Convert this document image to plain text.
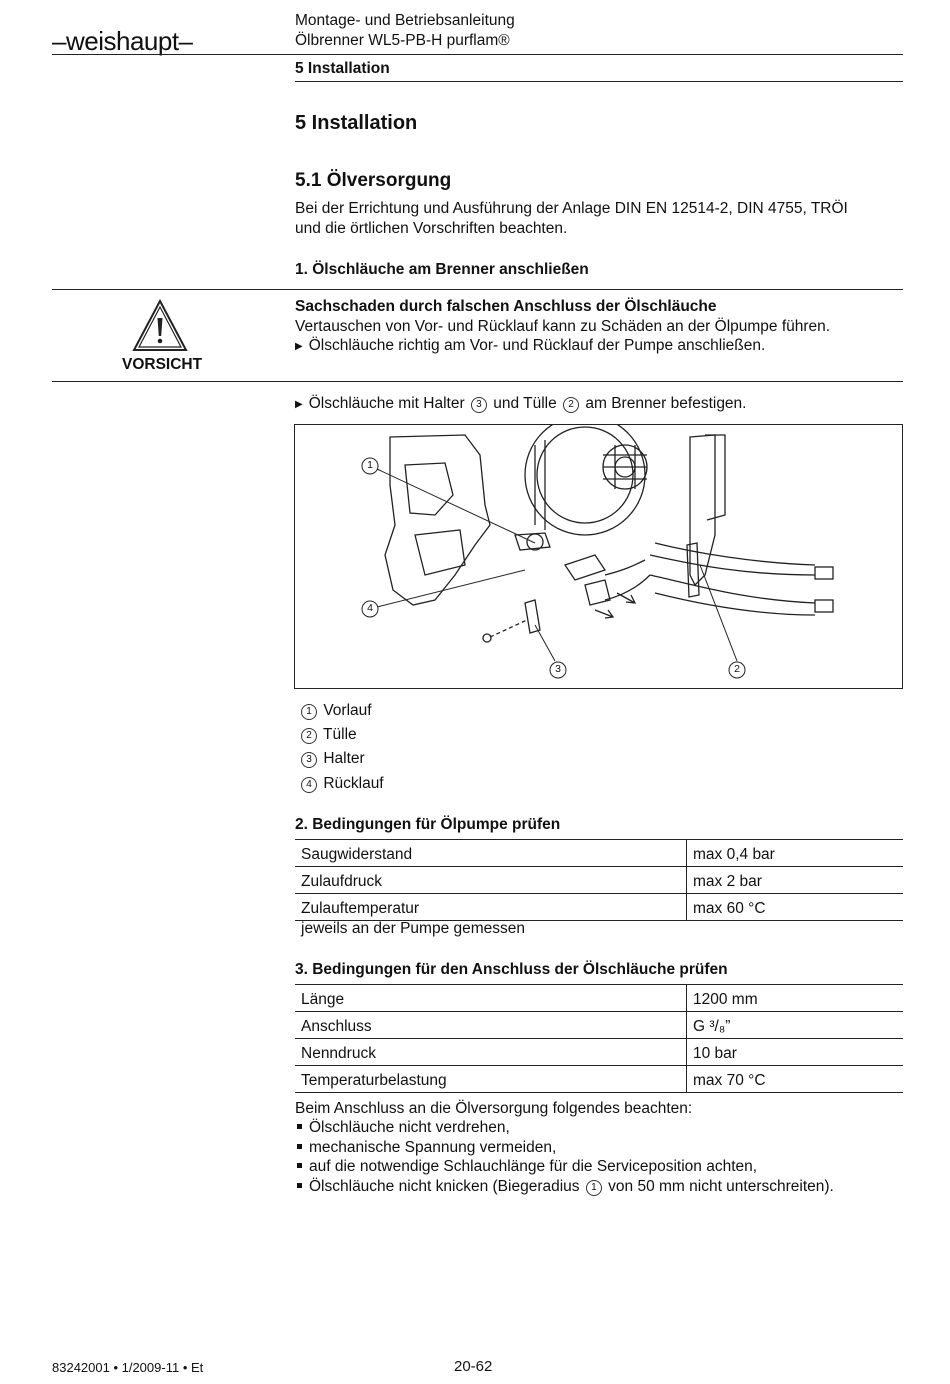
–weishaupt–
Montage- und Betriebsanleitung
Ölbrenner WL5-PB-H purflam®
5 Installation
5 Installation
5.1 Ölversorgung
Bei der Errichtung und Ausführung der Anlage DIN EN 12514-2, DIN 4755, TRÖI
und die örtlichen Vorschriften beachten.
1. Ölschläuche am Brenner anschließen
VORSICHT
Sachschaden durch falschen Anschluss der Ölschläuche
Vertauschen von Vor- und Rücklauf kann zu Schäden an der Ölpumpe führen.
▶ Ölschläuche richtig am Vor- und Rücklauf der Pumpe anschließen.
▶ Ölschläuche mit Halter 3 und Tülle 2 am Brenner befestigen.
1
4
3	2
1 Vorlauf
2 Tülle
3 Halter
4 Rücklauf
2. Bedingungen für Ölpumpe prüfen
Saugwiderstand	max 0,4 bar
Zulaufdruck	max 2 bar
Zulauftemperatur	max 60 °C
jeweils an der Pumpe gemessen
3. Bedingungen für den Anschluss der Ölschläuche prüfen
Länge	1200 mm
Anschluss	G ³/₈”
Nenndruck	10 bar
Temperaturbelastung	max 70 °C
Beim Anschluss an die Ölversorgung folgendes beachten:
Ölschläuche nicht verdrehen,
mechanische Spannung vermeiden,
auf die notwendige Schlauchlänge für die Serviceposition achten,
Ölschläuche nicht knicken (Biegeradius 1 von 50 mm nicht unterschreiten).
83242001 • 1/2009-11 • Et	20-62
